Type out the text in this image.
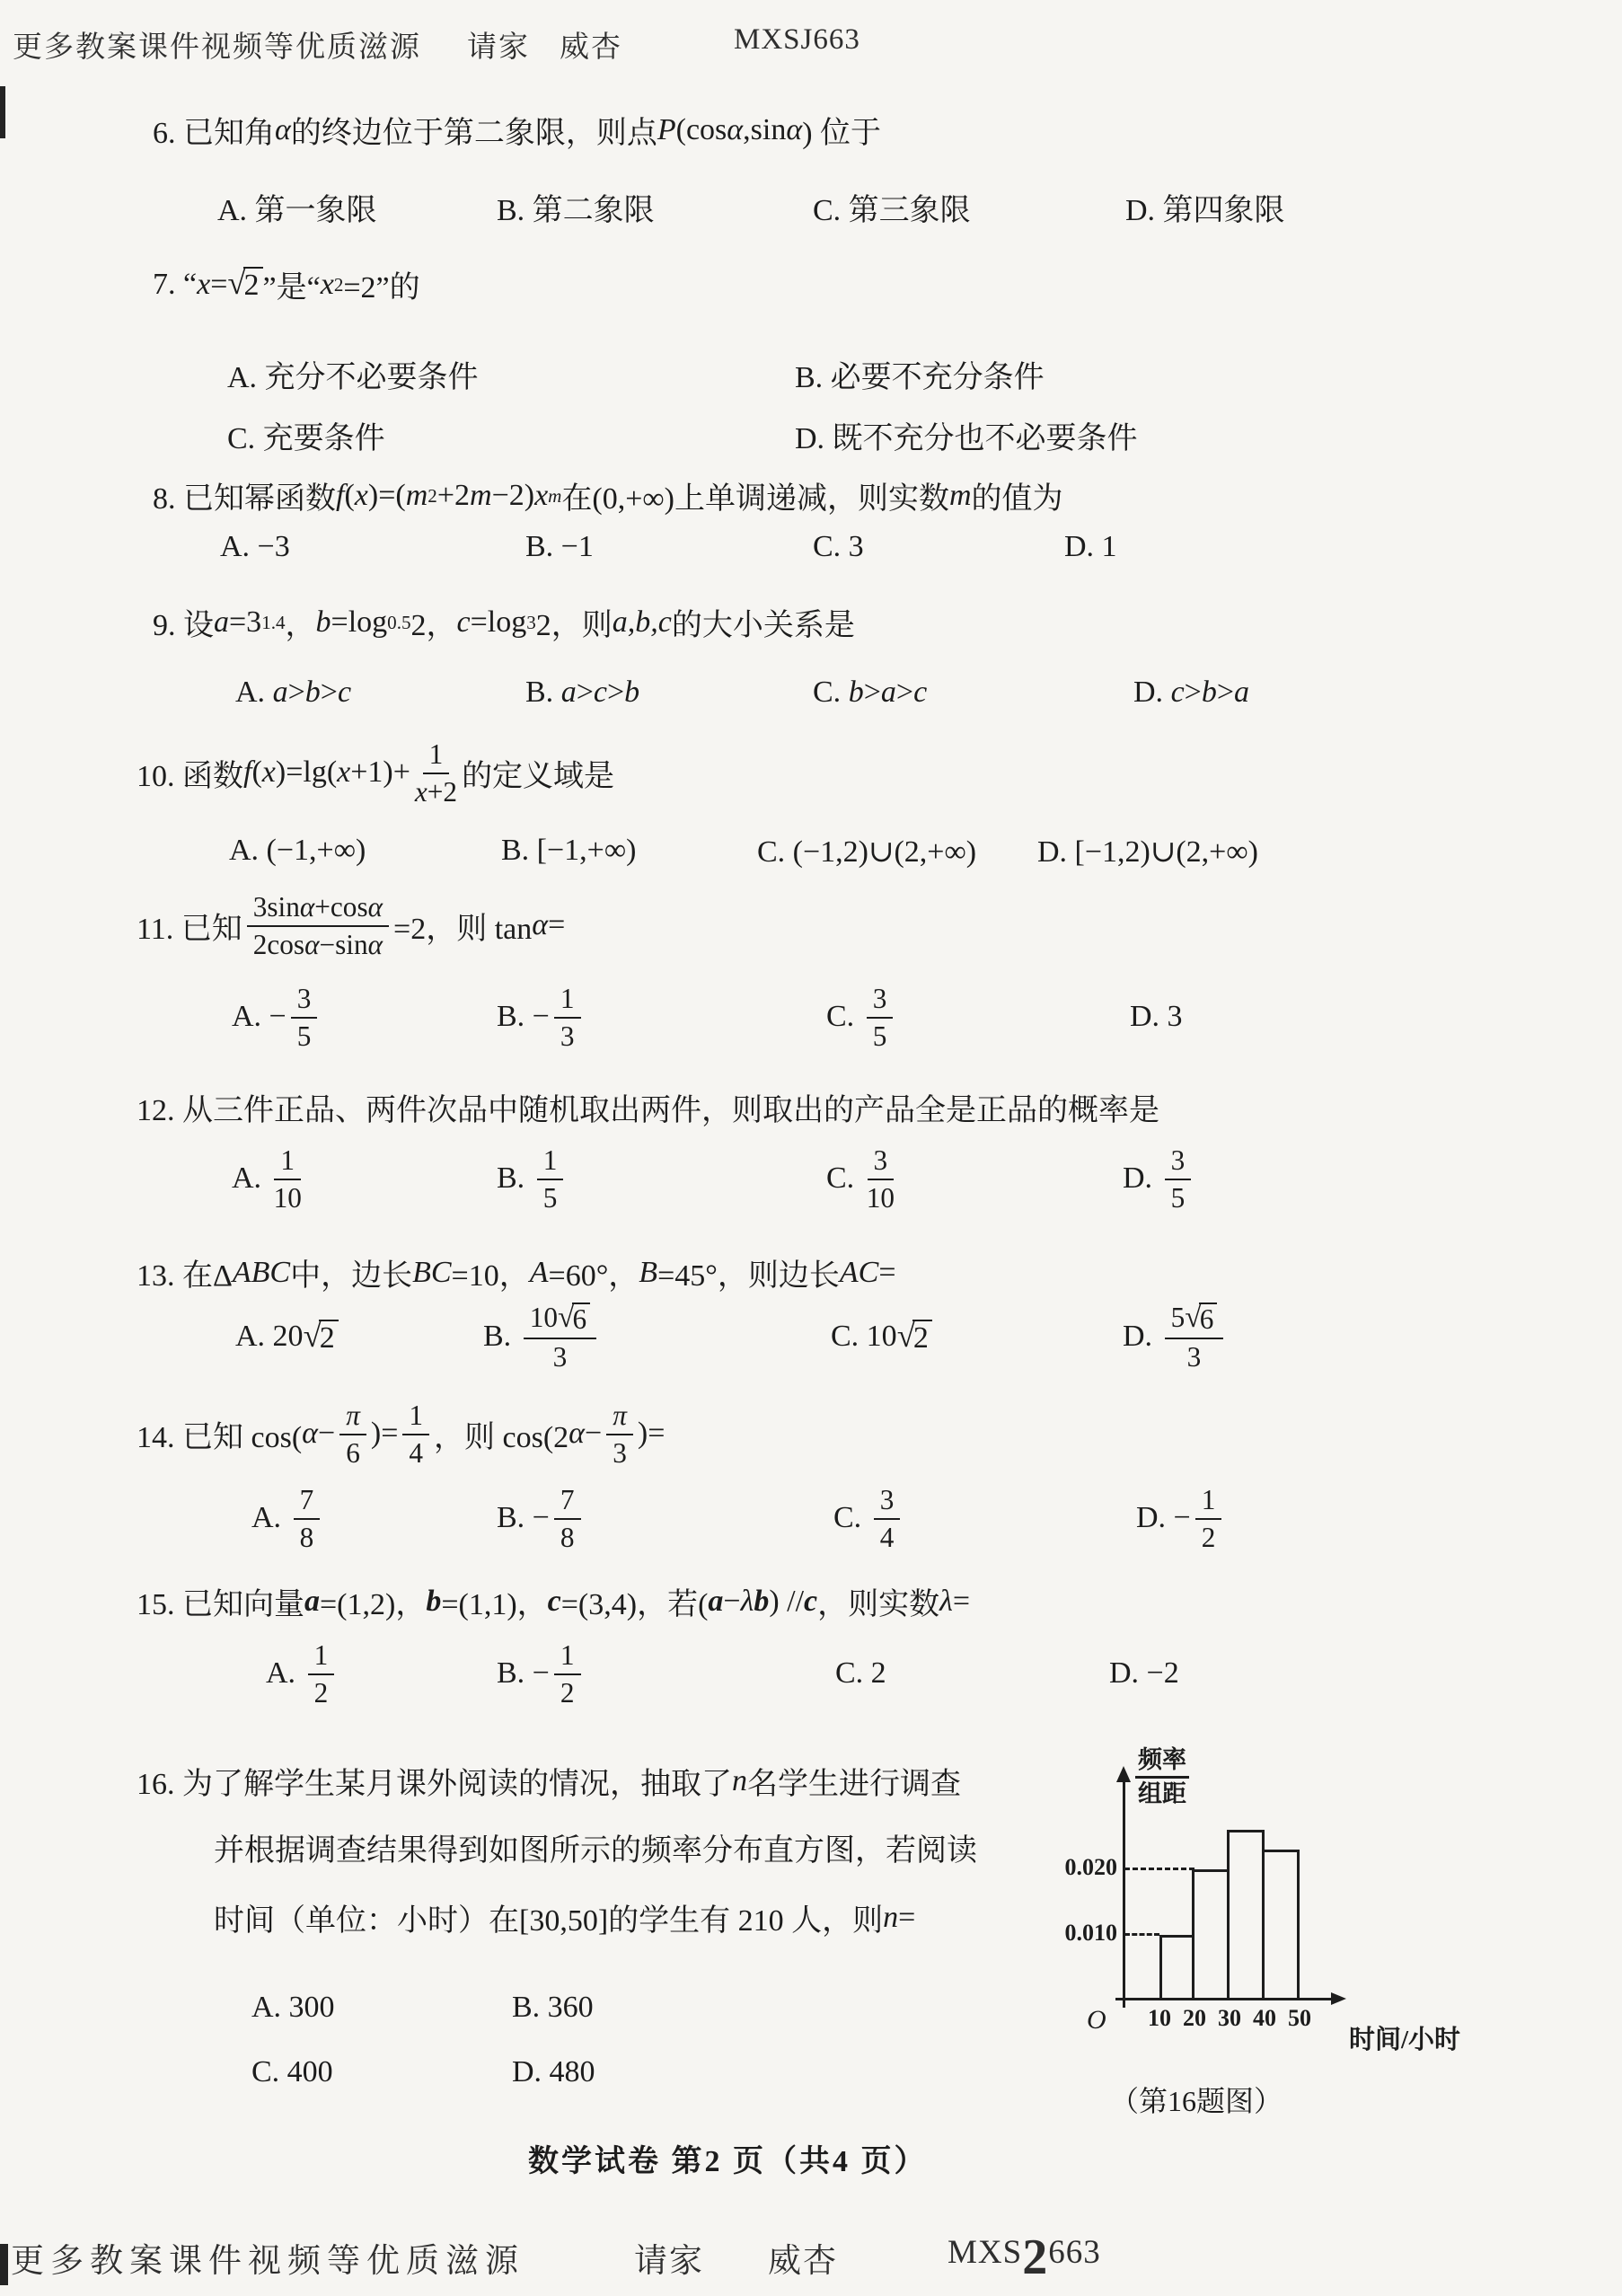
更多教案课件视频等优质滋源 请家 威杏	MXSJ663
6. 已知角 α 的终边位于第二象限，则点 P (cos α ,sin α ) 位于
A. 第一象限	B. 第二象限	C. 第三象限	D. 第四象限
7. “ x = √
2 ”是“ x 2 =2”的
A. 充分不必要条件	B. 必要不充分条件
C. 充要条件	D. 既不充分也不必要条件
8. 已知幂函数 f ( x )=( m 2 +2 m −2) x m 在(0,+∞)上单调递减，则实数 m 的值为
A. −3	B. −1	C. 3	D. 1
9. 设 a =3 1.4 ， b =log 0.5 2， c =log 3 2，则 a,b,c 的大小关系是
A. a > b > c	B. a > c > b	C. b > a > c	D. c > b > a
10. 函数 f ( x )=lg( $x +1)+ \frac{1}{x +2}$ 的定义域是
A. (−1,+∞)	B. [−1,+∞)	C. (−1,2)∪(2,+∞) D. [−1,2)∪(2,+∞)
11. 已知 $\frac{\text{3sin α +cos α}}{\text{2cos α −sin α}} =2$，则 tan α =
A. − $\frac{3}{5}$	B. − $\frac{1}{3}$	C. $\frac{3}{5}$	D. 3
12. 从三件正品、两件次品中随机取出两件，则取出的产品全是正品的概率是
A. $\frac{1}{10}$	B. $\frac{1}{5}$	C. $\frac{3}{10}$	D. $\frac{3}{5}$
13. 在Δ ABC 中，边长 BC =10， A =60°， B =45°，则边长 AC =
A. 20 √
2	B. 10 √
6
3	C. 10 √
2	D. 5 √
6
3
14. 已知 cos( $\alpha - \frac{\pi}{6}$ )= $\frac{1}{4}$ ，则 cos(2 $\alpha - \frac{\pi}{3}$ )=
A. $\frac{7}{8}$	B. − $\frac{7}{8}$	C. $\frac{3}{4}$	D. − $\frac{1}{2}$
15. 已知向量 a =(1,2)， b =(1,1)， c =(3,4)，若( a − λ b ) // c ，则实数 λ =
A. $\frac{1}{2}$	B. − $\frac{1}{2}$	C. 2	D. −2
16. 为了解学生某月课外阅读的情况，抽取了 n 名学生进行调查
并根据调查结果得到如图所示的频率分布直方图，若阅读
时间（单位：小时）在[30,50]的学生有 210 人，则 n =
A. 300	B. 360
C. 400	D. 480
频率
组距
O
时间/小时
（第16题图）
0.010
0.020
10 20 30 40 50
数学试卷 第2 页（共4 页）
更多教案课件视频等优质滋源	请家 威杏	MXS2663
